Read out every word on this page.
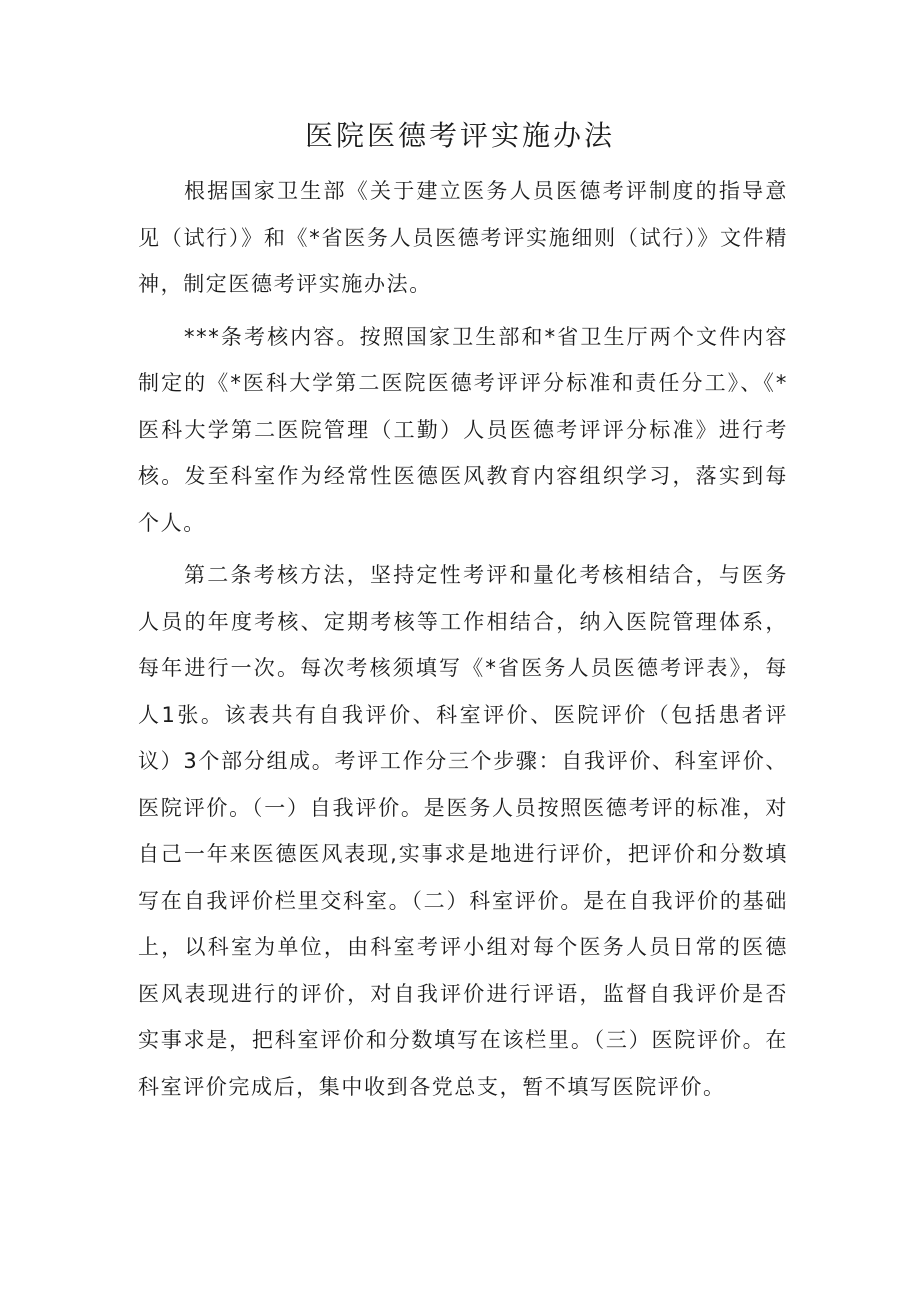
医院医德考评实施办法

根据国家卫生部《关于建立医务人员医德考评制度的指导意见（试行）》和《*省医务人员医德考评实施细则（试行）》文件精神，制定医德考评实施办法。

***条考核内容。按照国家卫生部和*省卫生厅两个文件内容制定的《*医科大学第二医院医德考评评分标准和责任分工》、《*医科大学第二医院管理（工勤）人员医德考评评分标准》进行考核。发至科室作为经常性医德医风教育内容组织学习，落实到每个人。

第二条考核方法，坚持定性考评和量化考核相结合，与医务人员的年度考核、定期考核等工作相结合，纳入医院管理体系，每年进行一次。每次考核须填写《*省医务人员医德考评表》，每人1张。该表共有自我评价、科室评价、医院评价（包括患者评议）3个部分组成。考评工作分三个步骤：自我评价、科室评价、医院评价。（一）自我评价。是医务人员按照医德考评的标准，对自己一年来医德医风表现,实事求是地进行评价，把评价和分数填写在自我评价栏里交科室。（二）科室评价。是在自我评价的基础上，以科室为单位，由科室考评小组对每个医务人员日常的医德医风表现进行的评价，对自我评价进行评语，监督自我评价是否实事求是，把科室评价和分数填写在该栏里。（三）医院评价。在科室评价完成后，集中收到各党总支，暂不填写医院评价。
